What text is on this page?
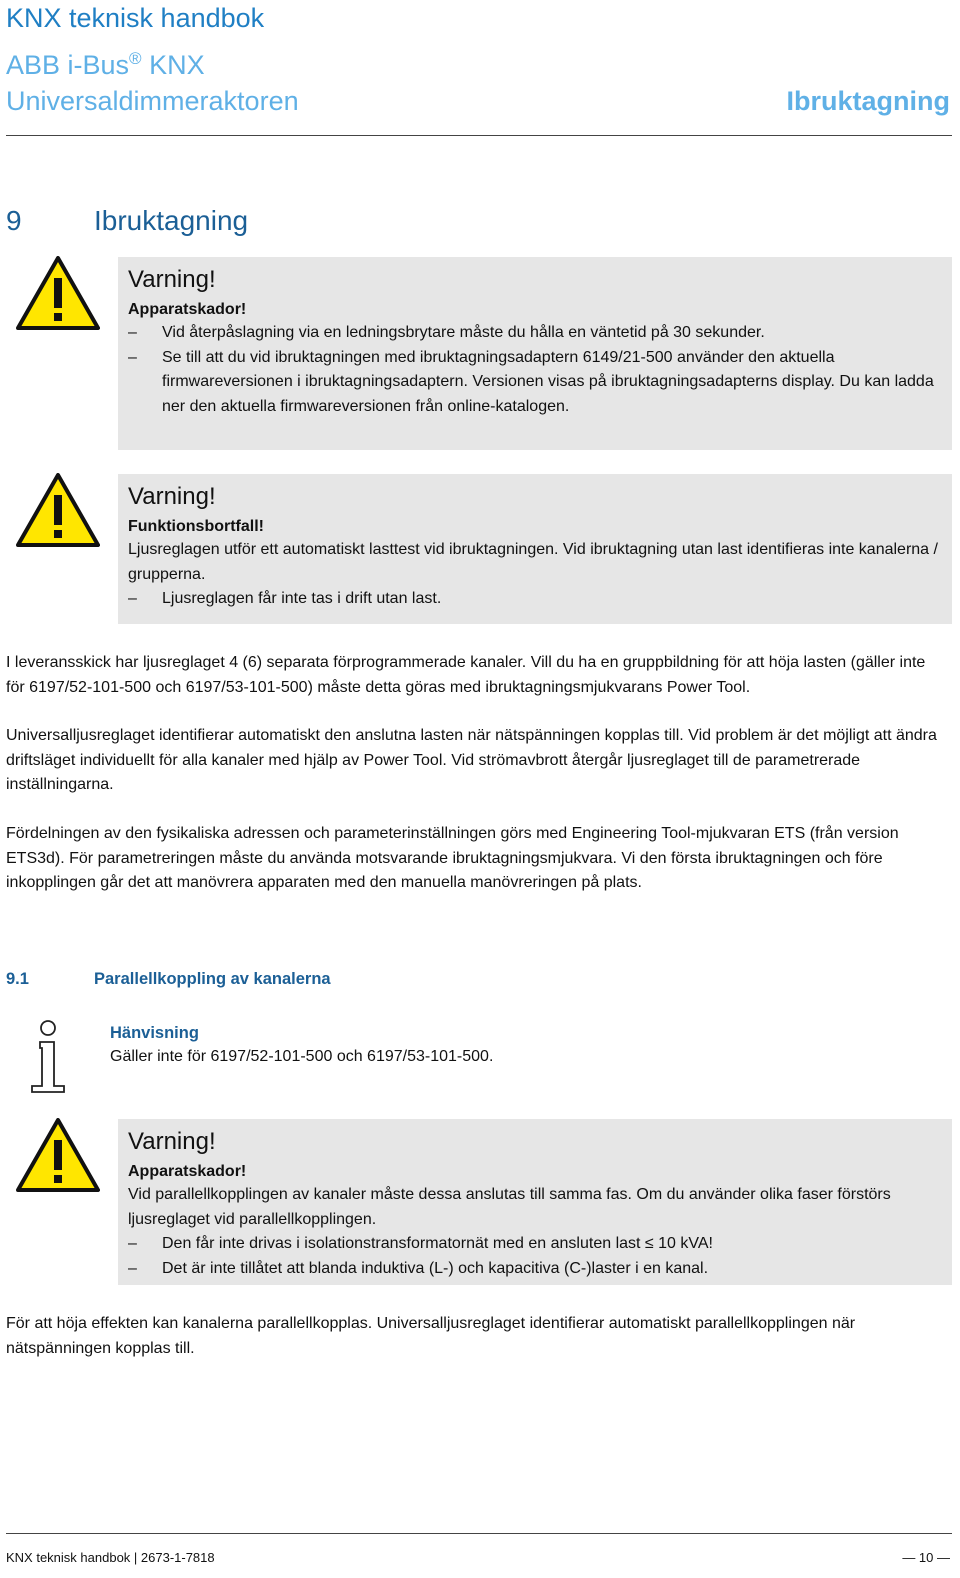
KNX teknisk handbok
ABB i-Bus® KNX
Universaldimmeraktoren	Ibruktagning
9	Ibruktagning
Varning!
Apparatskador!
– Vid återpåslagning via en ledningsbrytare måste du hålla en väntetid på 30 sekunder.
– Se till att du vid ibruktagningen med ibruktagningsadaptern 6149/21-500 använder den aktuella firmwareversionen i ibruktagningsadaptern. Versionen visas på ibruktagningsadapterns display. Du kan ladda ner den aktuella firmwareversionen från online-katalogen.
Varning!
Funktionsbortfall!
Ljusreglagen utför ett automatiskt lasttest vid ibruktagningen. Vid ibruktagning utan last identifieras inte kanalerna / grupperna.
– Ljusreglagen får inte tas i drift utan last.
I leveransskick har ljusreglaget 4 (6) separata förprogrammerade kanaler. Vill du ha en gruppbildning för att höja lasten (gäller inte för 6197/52-101-500 och 6197/53-101-500) måste detta göras med ibruktagningsmjukvarans Power Tool.
Universalljusreglaget identifierar automatiskt den anslutna lasten när nätspänningen kopplas till. Vid problem är det möjligt att ändra driftsläget individuellt för alla kanaler med hjälp av Power Tool. Vid strömavbrott återgår ljusreglaget till de parametrerade inställningarna.
Fördelningen av den fysikaliska adressen och parameterinställningen görs med Engineering Tool-mjukvaran ETS (från version ETS3d). För parametreringen måste du använda motsvarande ibruktagningsmjukvara. Vi den första ibruktagningen och före inkopplingen går det att manövrera apparaten med den manuella manövreringen på plats.
9.1	Parallellkoppling av kanalerna
Hänvisning
Gäller inte för 6197/52-101-500 och 6197/53-101-500.
Varning!
Apparatskador!
Vid parallellkopplingen av kanaler måste dessa anslutas till samma fas. Om du använder olika faser förstörs ljusreglaget vid parallellkopplingen.
– Den får inte drivas i isolationstransformatornät med en ansluten last ≤ 10 kVA!
– Det är inte tillåtet att blanda induktiva (L-) och kapacitiva (C-)laster i en kanal.
För att höja effekten kan kanalerna parallellkopplas. Universalljusreglaget identifierar automatiskt parallellkopplingen när nätspänningen kopplas till.
KNX teknisk handbok | 2673-1-7818	— 10 —
